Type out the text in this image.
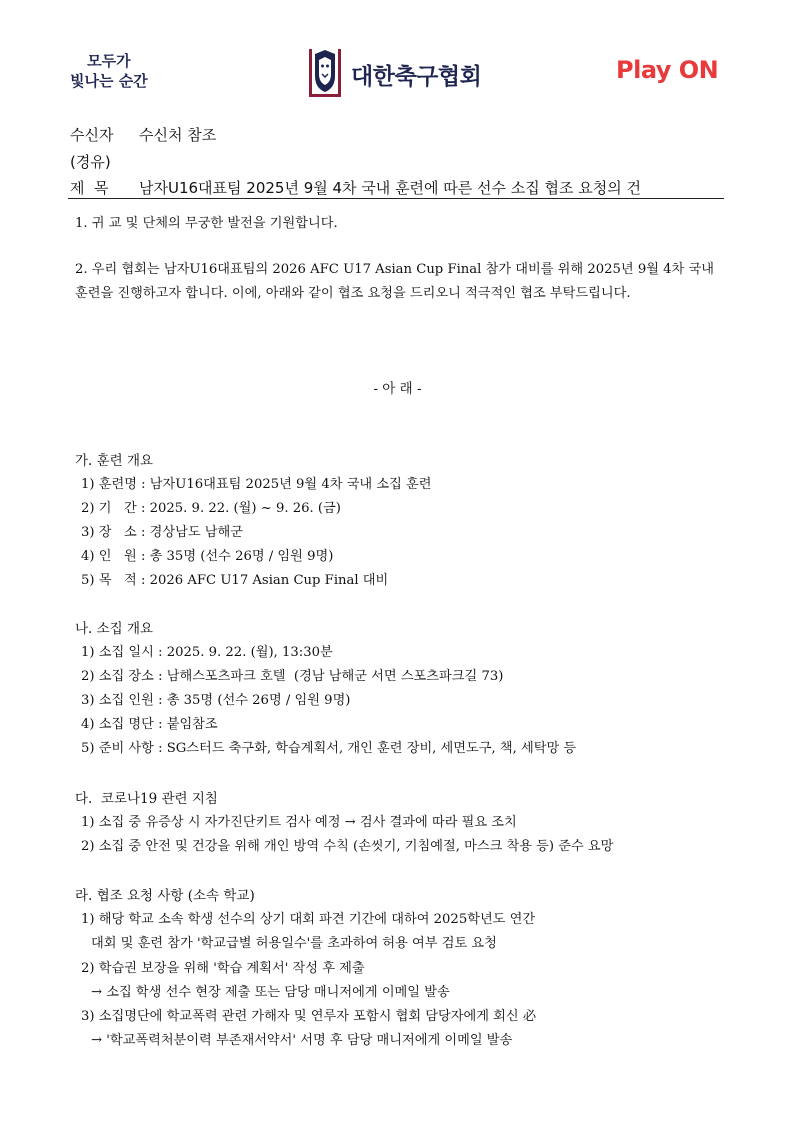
모두가
빛나는 순간	대한축구협회	Play ON
수신자 수신처 참조
(경유)
제  목 남자U16대표팀 2025년 9월 4차 국내 훈련에 따른 선수 소집 협조 요청의 건
1. 귀 교 및 단체의 무궁한 발전을 기원합니다.
2. 우리 협회는 남자U16대표팀의 2026 AFC U17 Asian Cup Final 참가 대비를 위해 2025년 9월 4차 국내 훈련을 진행하고자 합니다. 이에, 아래와 같이 협조 요청을 드리오니 적극적인 협조 부탁드립니다.
- 아 래 -
가. 훈련 개요
1) 훈련명 : 남자U16대표팀 2025년 9월 4차 국내 소집 훈련
2) 기   간 : 2025. 9. 22. (월) ~ 9. 26. (금)
3) 장   소 : 경상남도 남해군
4) 인   원 : 총 35명 (선수 26명 / 임원 9명)
5) 목   적 : 2026 AFC U17 Asian Cup Final 대비
나. 소집 개요
1) 소집 일시 : 2025. 9. 22. (월), 13:30분
2) 소집 장소 : 남해스포츠파크 호텔  (경남 남해군 서면 스포츠파크길 73)
3) 소집 인원 : 총 35명 (선수 26명 / 임원 9명)
4) 소집 명단 : 붙임참조
5) 준비 사항 : SG스터드 축구화, 학습계획서, 개인 훈련 장비, 세면도구, 책, 세탁망 등
다.  코로나19 관련 지침
1) 소집 중 유증상 시 자가진단키트 검사 예정 → 검사 결과에 따라 필요 조치
2) 소집 중 안전 및 건강을 위해 개인 방역 수칙 (손씻기, 기침예절, 마스크 착용 등) 준수 요망
라. 협조 요청 사항 (소속 학교)
1) 해당 학교 소속 학생 선수의 상기 대회 파견 기간에 대하여 2025학년도 연간
대회 및 훈련 참가 '학교급별 허용일수'를 초과하여 허용 여부 검토 요청
2) 학습권 보장을 위해 '학습 계획서' 작성 후 제출
→ 소집 학생 선수 현장 제출 또는 담당 매니저에게 이메일 발송
3) 소집명단에 학교폭력 관련 가해자 및 연루자 포함시 협회 담당자에게 회신 必
→ '학교폭력처분이력 부존재서약서' 서명 후 담당 매니저에게 이메일 발송
